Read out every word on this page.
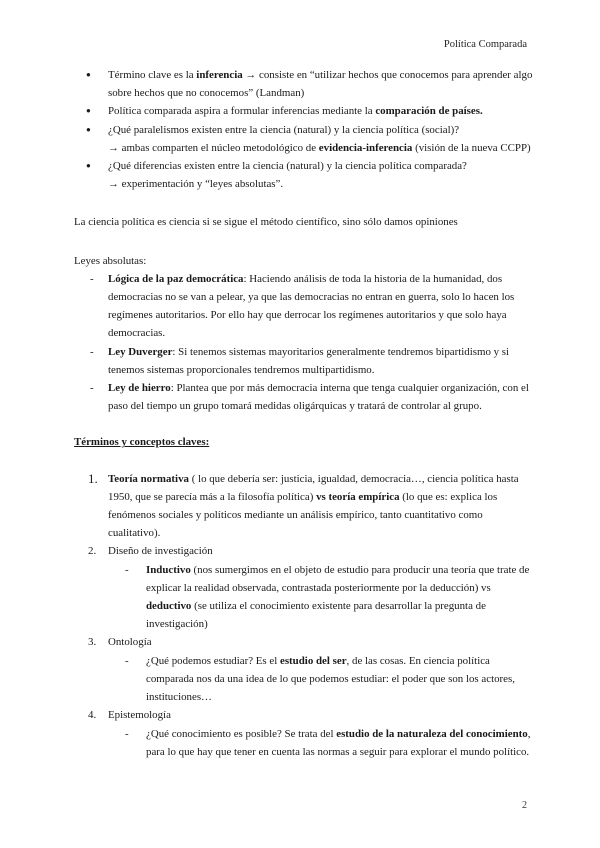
Política Comparada
● Término clave es la inferencia → consiste en “utilizar hechos que conocemos para aprender algo sobre hechos que no conocemos” (Landman)
● Política comparada aspira a formular inferencias mediante la comparación de países.
● ¿Qué paralelismos existen entre la ciencia (natural) y la ciencia política (social)?
→ ambas comparten el núcleo metodológico de evidencia-inferencia (visión de la nueva CCPP)
● ¿Qué diferencias existen entre la ciencia (natural) y la ciencia política comparada?
→ experimentación y “leyes absolutas”.
La ciencia política es ciencia si se sigue el método científico, sino sólo damos opiniones
Leyes absolutas:
- Lógica de la paz democrática: Haciendo análisis de toda la historia de la humanidad, dos democracias no se van a pelear, ya que las democracias no entran en guerra, solo lo hacen los regímenes autoritarios. Por ello hay que derrocar los regímenes autoritarios y que solo haya democracias.
- Ley Duverger: Si tenemos sistemas mayoritarios generalmente tendremos bipartidismo y si tenemos sistemas proporcionales tendremos multipartidismo.
- Ley de hierro: Plantea que por más democracia interna que tenga cualquier organización, con el paso del tiempo un grupo tomará medidas oligárquicas y tratará de controlar al grupo.
Términos y conceptos claves:
1. Teoría normativa ( lo que debería ser: justicia, igualdad, democracia…, ciencia política hasta 1950, que se parecía más a la filosofía política) vs teoría empírica (lo que es: explica los fenómenos sociales y políticos mediante un análisis empírico, tanto cuantitativo como cualitativo).
2. Diseño de investigación
- Inductivo (nos sumergimos en el objeto de estudio para producir una teoría que trate de explicar la realidad observada, contrastada posteriormente por la deducción) vs deductivo (se utiliza el conocimiento existente para desarrollar la pregunta de investigación)
3. Ontología
- ¿Qué podemos estudiar? Es el estudio del ser, de las cosas. En ciencia política comparada nos da una idea de lo que podemos estudiar: el poder que son los actores, instituciones…
4. Epistemología
- ¿Qué conocimiento es posible? Se trata del estudio de la naturaleza del conocimiento, para lo que hay que tener en cuenta las normas a seguir para explorar el mundo político.
2
